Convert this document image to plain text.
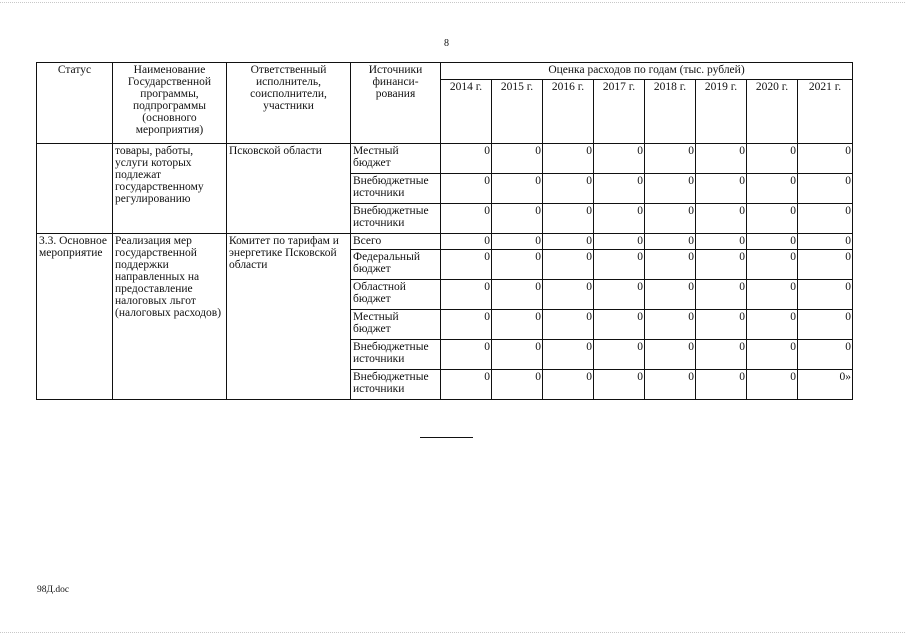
8
Статус	Наименование Государственной программы, подпрограммы (основного мероприятия)	Ответственный исполнитель, соисполнители, участники	Источники финанси- рования	Оценка расходов по годам (тыс. рублей)							
				2014 г.	2015 г.	2016 г.	2017 г.	2018 г.	2019 г.	2020 г.	2021 г.
	товары, работы, услуги которых подлежат государственному регулированию	Псковской области	Местный бюджет	0	0	0	0	0	0	0	0
			Внебюджетные источники	0	0	0	0	0	0	0	0
			Внебюджетные источники	0	0	0	0	0	0	0	0
3.3. Основное мероприятие	Реализация мер государственной поддержки направленных на предоставление налоговых льгот (налоговых расходов)	Комитет по тарифам и энергетике Псковской области	Всего	0	0	0	0	0	0	0	0
			Федеральный бюджет	0	0	0	0	0	0	0	0
			Областной бюджет	0	0	0	0	0	0	0	0
			Местный бюджет	0	0	0	0	0	0	0	0
			Внебюджетные источники	0	0	0	0	0	0	0	0
			Внебюджетные источники	0	0	0	0	0	0	0	0»
98Д.doc
